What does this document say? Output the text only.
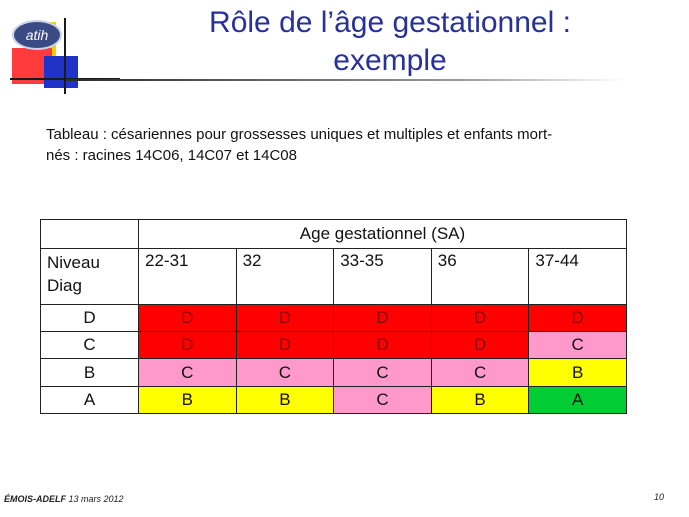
atih	Rôle de l’âge gestationnel :
exemple
Tableau : césariennes pour grossesses uniques et multiples et enfants mort-
nés : racines 14C06, 14C07 et 14C08
	Age gestationnel (SA)				

Niveau
Diag	22-31	32	33-35	36	37-44
D	D	D	D	D	D
C	D	D	D	D	C
B	C	C	C	C	B
A	B	B	C	B	A
ÉMOIS-ADELF 13 mars 2012	10
